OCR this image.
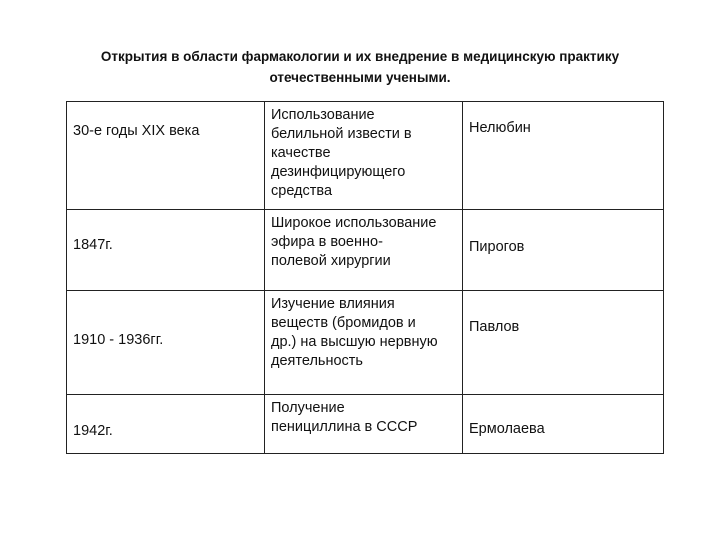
Открытия в области фармакологии и их внедрение в медицинскую практику
отечественными учеными.
30-е годы XIX века	Использование
белильной извести в
качестве
дезинфицирующего
средства	Нелюбин

1847г.	Широкое использование
эфира в военно-
полевой хирургии	Пирогов

1910 - 1936гг.	Изучение влияния
веществ (бромидов и
др.) на высшую нервную
деятельность	Павлов

1942г.	Получение
пенициллина в СССР	Ермолаева
